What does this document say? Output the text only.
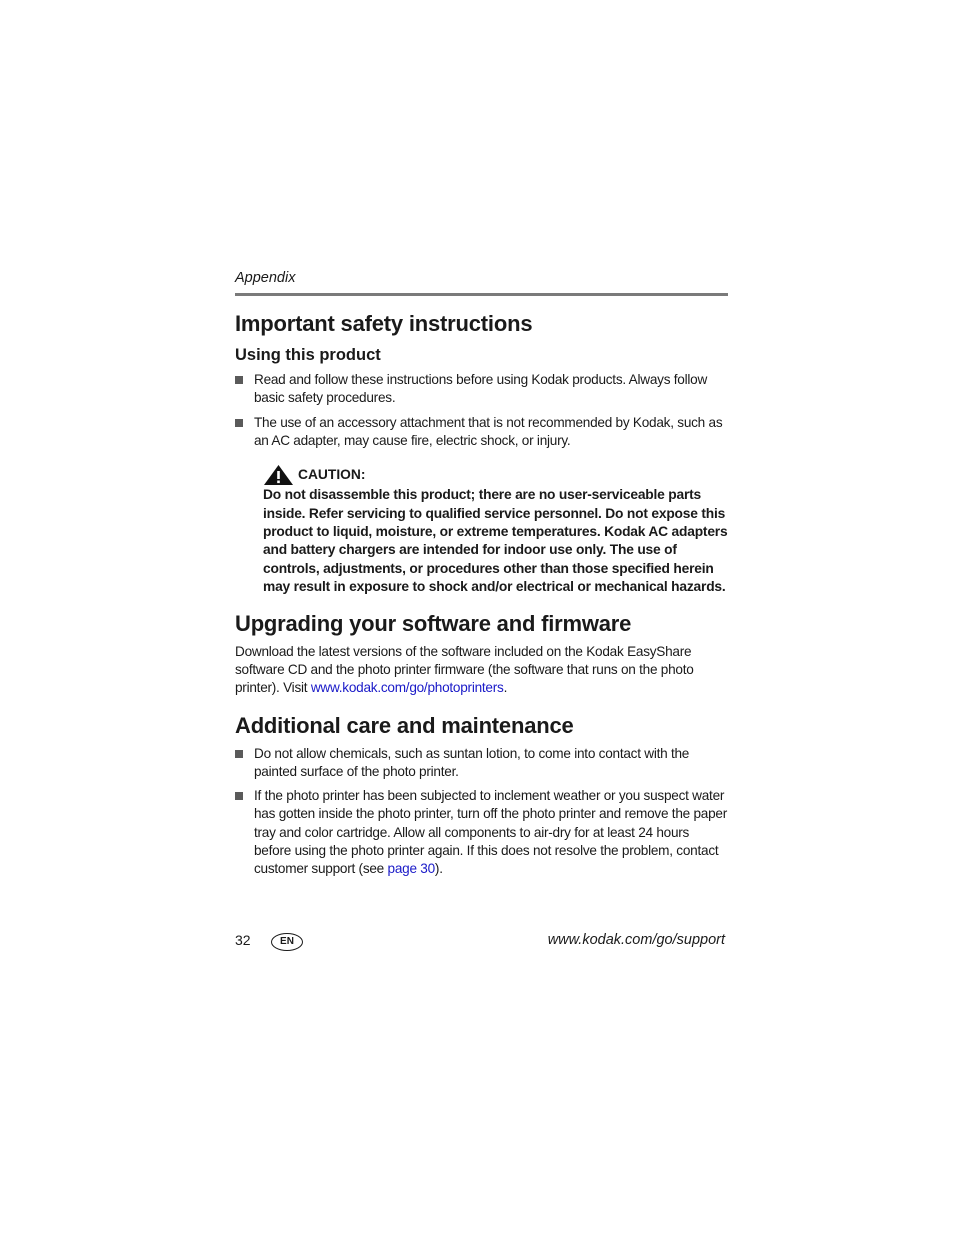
Appendix
Important safety instructions
Using this product
Read and follow these instructions before using Kodak products. Always follow basic safety procedures.
The use of an accessory attachment that is not recommended by Kodak, such as an AC adapter, may cause fire, electric shock, or injury.
CAUTION:
Do not disassemble this product; there are no user-serviceable parts inside. Refer servicing to qualified service personnel. Do not expose this product to liquid, moisture, or extreme temperatures. Kodak AC adapters and battery chargers are intended for indoor use only. The use of controls, adjustments, or procedures other than those specified herein may result in exposure to shock and/or electrical or mechanical hazards.
Upgrading your software and firmware
Download the latest versions of the software included on the Kodak EasyShare software CD and the photo printer firmware (the software that runs on the photo printer). Visit www.kodak.com/go/photoprinters.
Additional care and maintenance
Do not allow chemicals, such as suntan lotion, to come into contact with the painted surface of the photo printer.
If the photo printer has been subjected to inclement weather or you suspect water has gotten inside the photo printer, turn off the photo printer and remove the paper tray and color cartridge. Allow all components to air-dry for at least 24 hours before using the photo printer again. If this does not resolve the problem, contact customer support (see page 30).
32	EN	www.kodak.com/go/support
